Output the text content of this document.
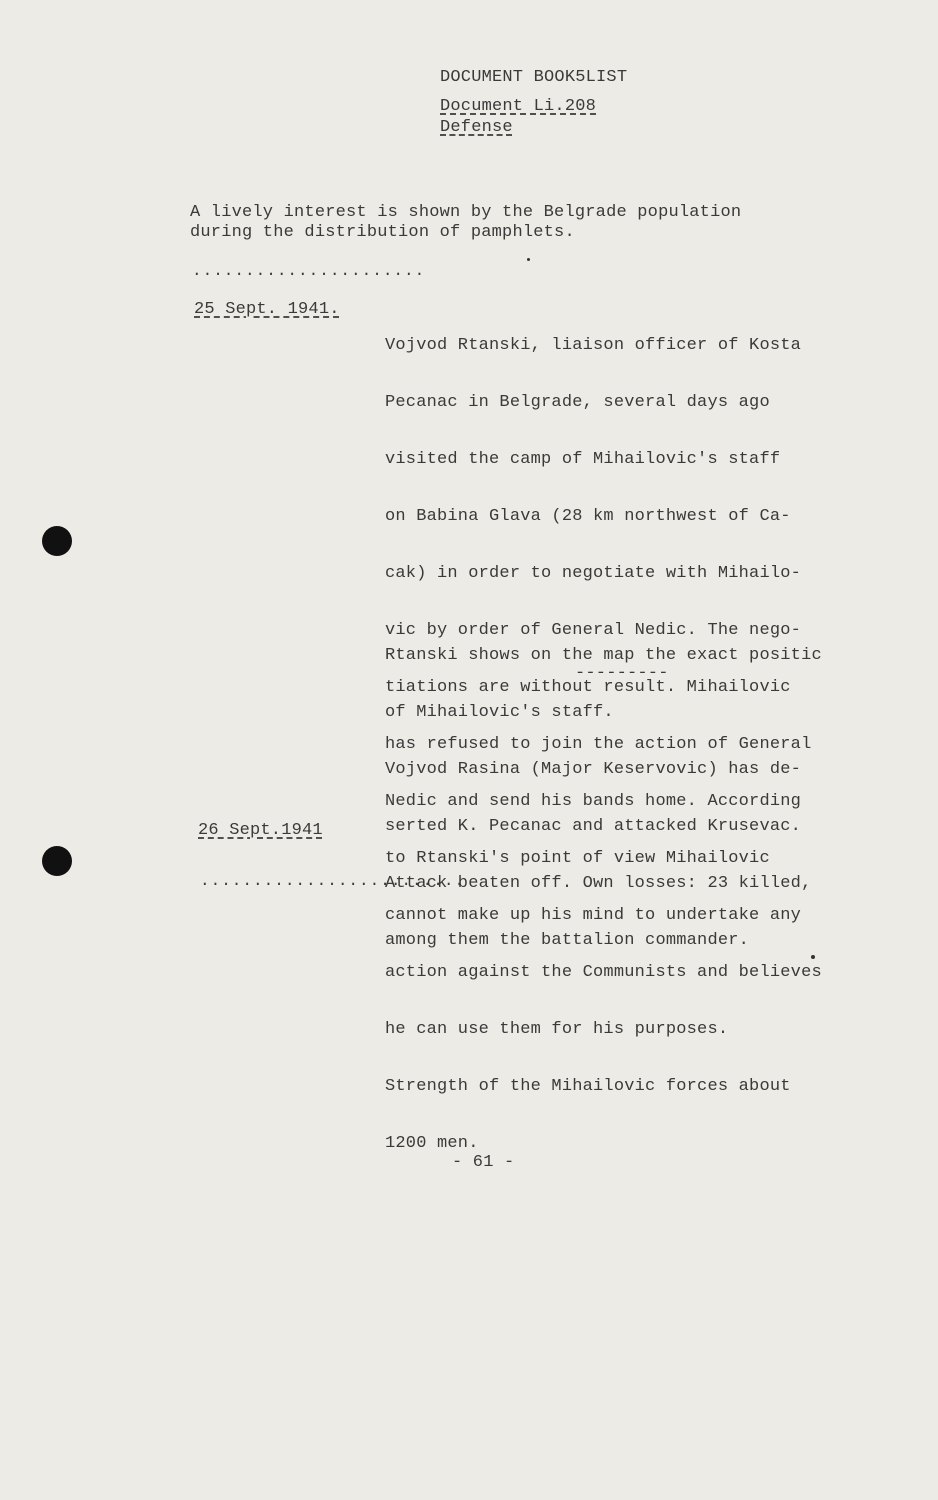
DOCUMENT BOOK5LIST
Document Li.208
Defense
A lively interest is shown by the Belgrade population
during the distribution of pamphlets.
......................
25 Sept. 1941.

Vojvod Rtanski, liaison officer of Kosta

Pecanac in Belgrade, several days ago

visited the camp of Mihailovic's staff

on Babina Glava (28 km northwest of Ca-

cak) in order to negotiate with Mihailo-

vic by order of General Nedic. The nego-

tiations are without result. Mihailovic

has refused to join the action of General

Nedic and send his bands home. According

to Rtanski's point of view Mihailovic

cannot make up his mind to undertake any

action against the Communists and believes

he can use them for his purposes.

Strength of the Mihailovic forces about

1200 men.

Rtanski shows on the map the exact positic

of Mihailovic's staff.

---------

Vojvod Rasina (Major Keservovic) has de-

serted K. Pecanac and attacked Krusevac.

Attack beaten off. Own losses: 23 killed,

among them the battalion commander.

26 Sept.1941
.........................
- 61 -
